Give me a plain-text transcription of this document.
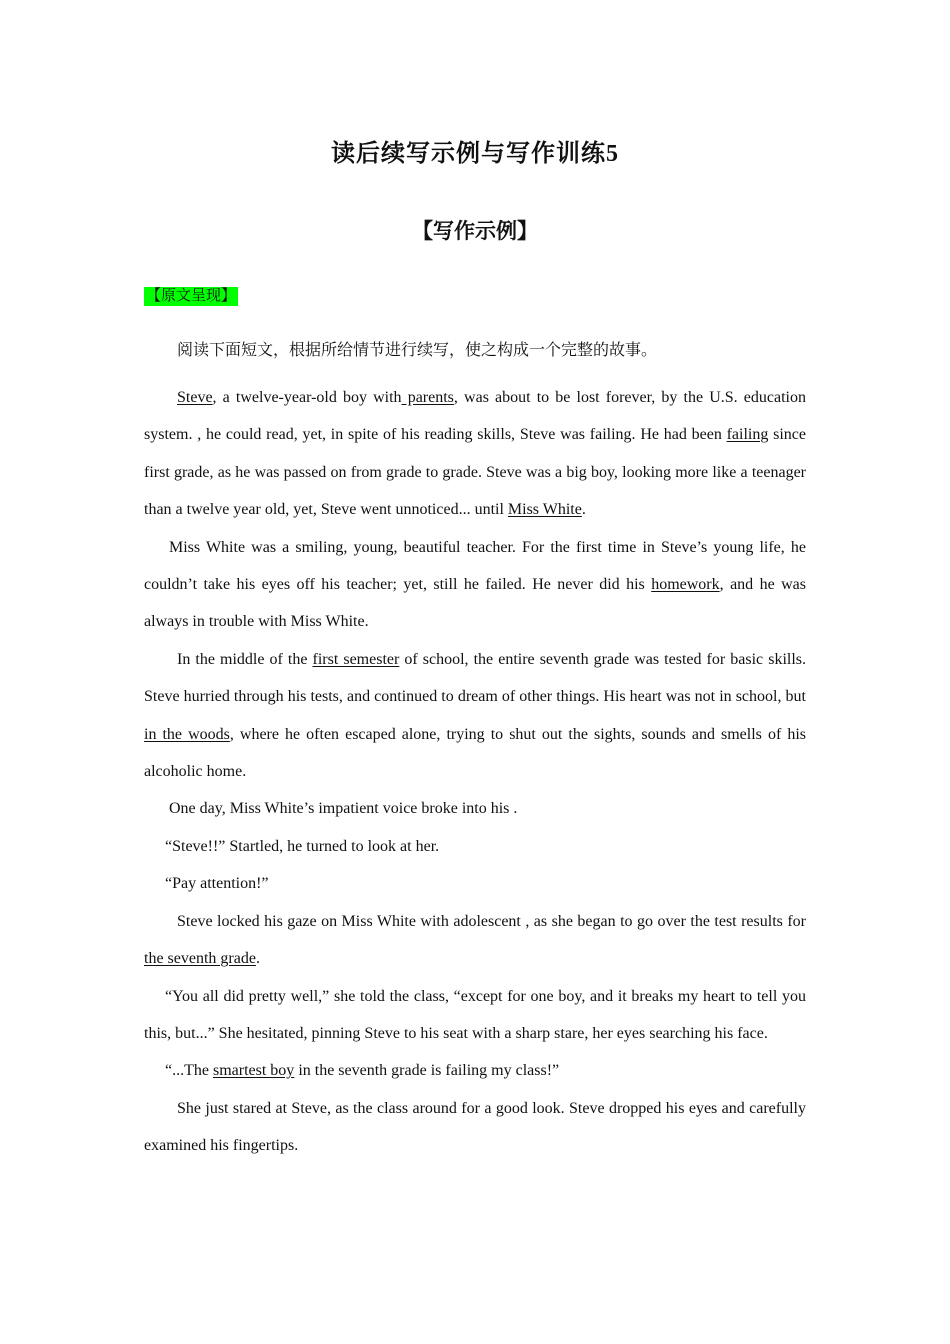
读后续写示例与写作训练5
【写作示例】
【原文呈现】
阅读下面短文，根据所给情节进行续写，使之构成一个完整的故事。

Steve, a twelve-year-old boy with parents, was about to be lost forever, by the U.S. education system. , he could read, yet, in spite of his reading skills, Steve was failing. He had been failing since first grade, as he was passed on from grade to grade. Steve was a big boy, looking more like a teenager than a twelve year old, yet, Steve went unnoticed... until Miss White.

Miss White was a smiling, young, beautiful teacher. For the first time in Steve’s young life, he couldn’t take his eyes off his teacher; yet, still he failed. He never did his homework, and he was always in trouble with Miss White.

In the middle of the first semester of school, the entire seventh grade was tested for basic skills. Steve hurried through his tests, and continued to dream of other things. His heart was not in school, but in the woods, where he often escaped alone, trying to shut out the sights, sounds and smells of his alcoholic home.

One day, Miss White’s impatient voice broke into his .

“Steve!!” Startled, he turned to look at her.

“Pay attention!”

Steve locked his gaze on Miss White with adolescent , as she began to go over the test results for the seventh grade.

“You all did pretty well,” she told the class, “except for one boy, and it breaks my heart to tell you this, but...” She hesitated, pinning Steve to his seat with a sharp stare, her eyes searching his face.

“...The smartest boy in the seventh grade is failing my class!”

She just stared at Steve, as the class around for a good look. Steve dropped his eyes and carefully examined his fingertips.
